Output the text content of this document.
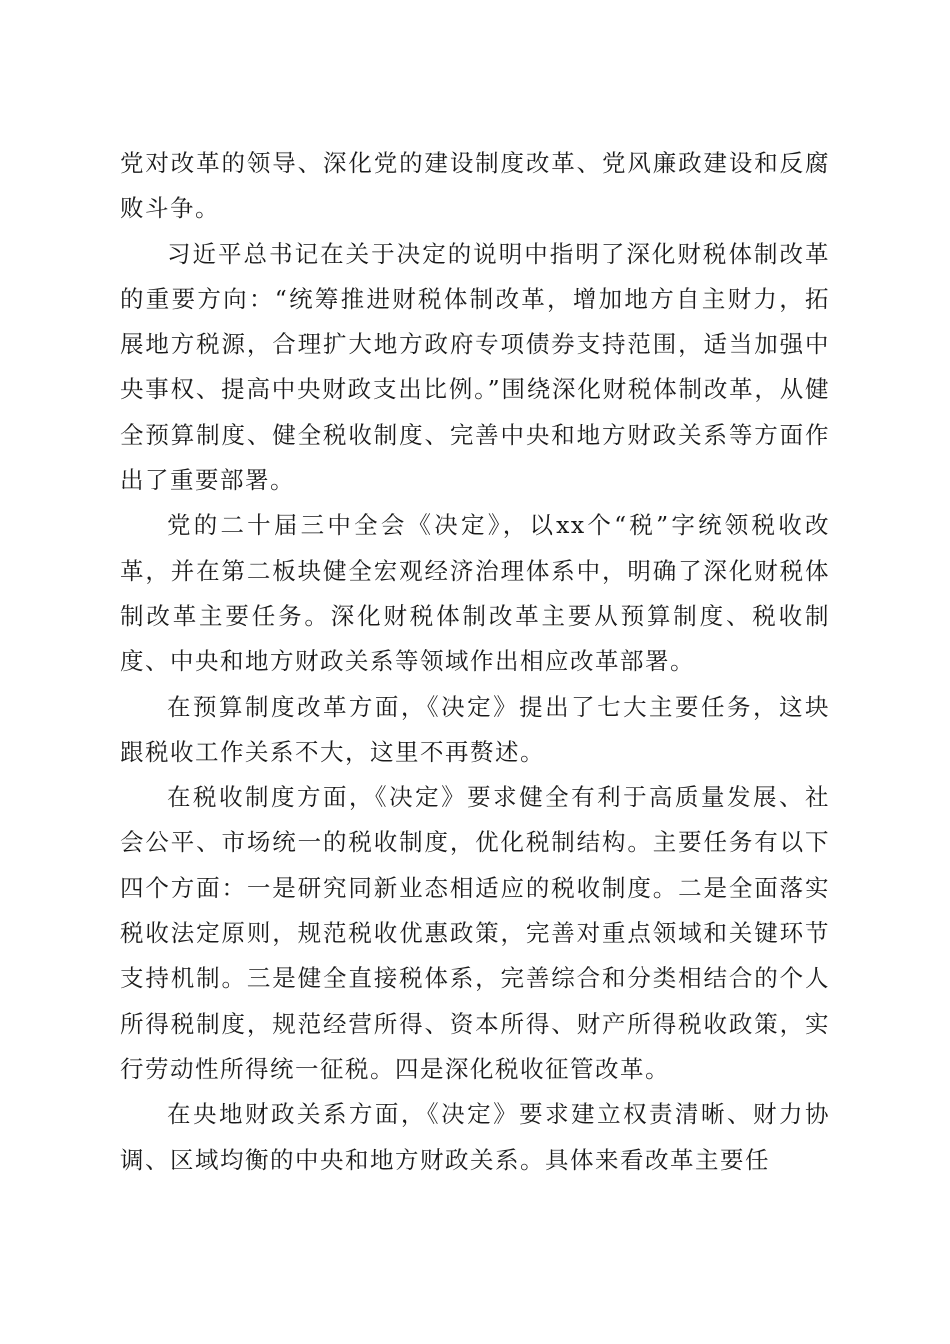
党对改革的领导、深化党的建设制度改革、党风廉政建设和反腐败斗争。

习近平总书记在关于决定的说明中指明了深化财税体制改革的重要方向：“统筹推进财税体制改革，增加地方自主财力，拓展地方税源，合理扩大地方政府专项债券支持范围，适当加强中央事权、提高中央财政支出比例。”围绕深化财税体制改革，从健全预算制度、健全税收制度、完善中央和地方财政关系等方面作出了重要部署。

党的二十届三中全会《决定》，以xx个“税”字统领税收改革，并在第二板块健全宏观经济治理体系中，明确了深化财税体制改革主要任务。深化财税体制改革主要从预算制度、税收制度、中央和地方财政关系等领域作出相应改革部署。

在预算制度改革方面，《决定》提出了七大主要任务，这块跟税收工作关系不大，这里不再赘述。

在税收制度方面，《决定》要求健全有利于高质量发展、社会公平、市场统一的税收制度，优化税制结构。主要任务有以下四个方面：一是研究同新业态相适应的税收制度。二是全面落实税收法定原则，规范税收优惠政策，完善对重点领域和关键环节支持机制。三是健全直接税体系，完善综合和分类相结合的个人所得税制度，规范经营所得、资本所得、财产所得税收政策，实行劳动性所得统一征税。四是深化税收征管改革。

在央地财政关系方面，《决定》要求建立权责清晰、财力协调、区域均衡的中央和地方财政关系。具体来看改革主要任
